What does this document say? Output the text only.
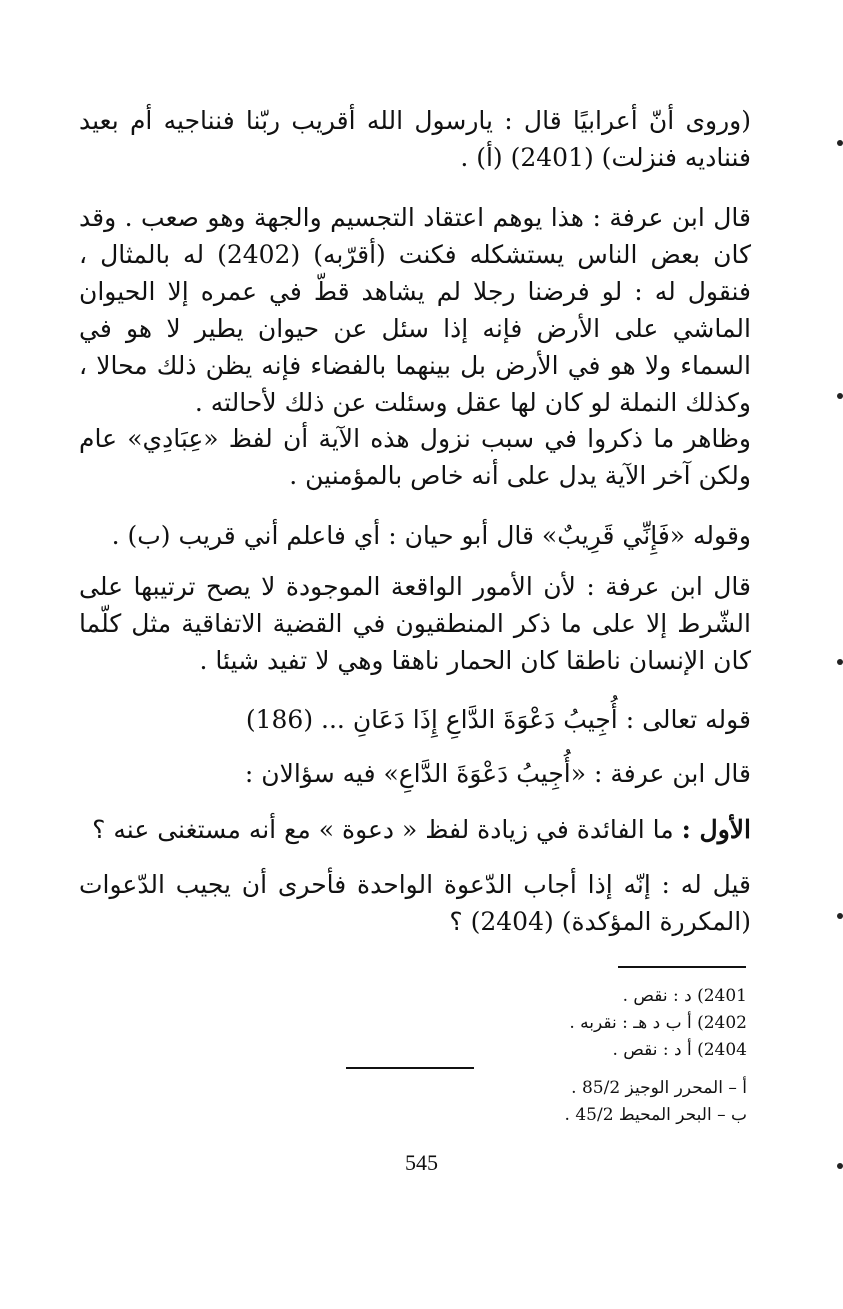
(وروى أنّ أعرابيًا قال : يارسول الله أقريب ربّنا فنناجيه أم بعيد فنناديه فنزلت) (2401) (أ) .
قال ابن عرفة : هذا يوهم اعتقاد التجسيم والجهة وهو صعب . وقد كان بعض الناس يستشكله فكنت (أقرّبه) (2402) له بالمثال ، فنقول له : لو فرضنا رجلا لم يشاهد قطّ في عمره إلا الحيوان الماشي على الأرض فإنه إذا سئل عن حيوان يطير لا هو في السماء ولا هو في الأرض بل بينهما بالفضاء فإنه يظن ذلك محالا ، وكذلك النملة لو كان لها عقل وسئلت عن ذلك لأحالته .
وظاهر ما ذكروا في سبب نزول هذه الآية أن لفظ «عِبَادِي» عام ولكن آخر الآية يدل على أنه خاص بالمؤمنين .
وقوله «فَإِنِّي قَرِيبٌ» قال أبو حيان : أي فاعلم أني قريب (ب) .
قال ابن عرفة : لأن الأمور الواقعة الموجودة لا يصح ترتيبها على الشّرط إلا على ما ذكر المنطقيون في القضية الاتفاقية مثل كلّما كان الإنسان ناطقا كان الحمار ناهقا وهي لا تفيد شيئا .
قوله تعالى : أُجِيبُ دَعْوَةَ الدَّاعِ إِذَا دَعَانِ ... (186)
قال ابن عرفة : «أُجِيبُ دَعْوَةَ الدَّاعِ» فيه سؤالان :
الأول : ما الفائدة في زيادة لفظ « دعوة » مع أنه مستغنى عنه ؟
قيل له : إنّه إذا أجاب الدّعوة الواحدة فأحرى أن يجيب الدّعوات (المكررة المؤكدة) (2404) ؟
2401) د : نقص .
2402) أ ب د هـ : نقربه .
2404) أ د : نقص .
أ – المحرر الوجيز 85/2 .
ب – البحر المحيط 45/2 .
545
